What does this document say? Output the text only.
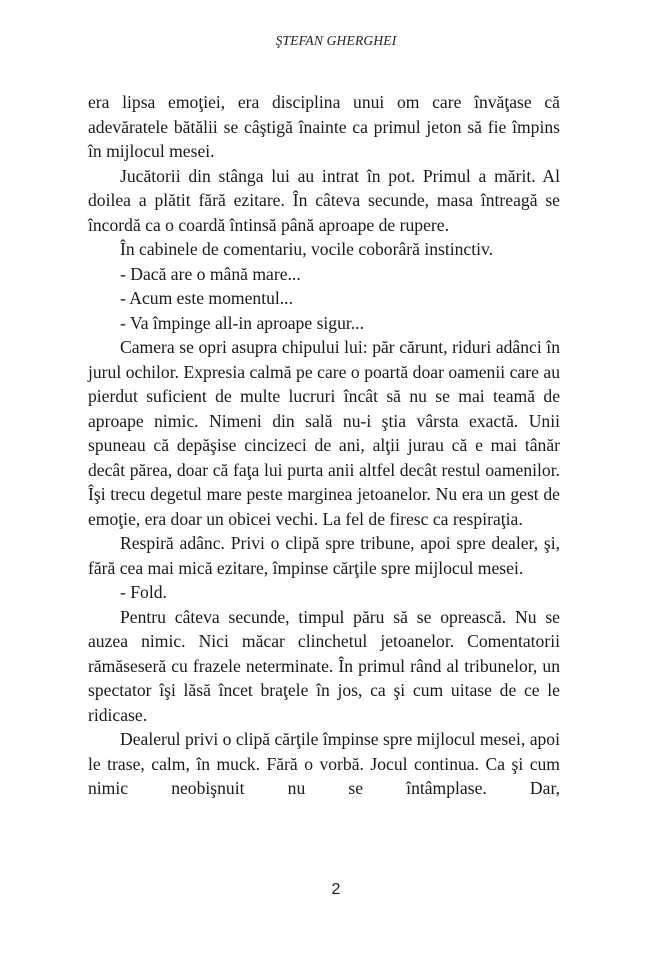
ŞTEFAN GHERGHEI

era lipsa emoţiei, era disciplina unui om care învăţase că adevăratele bătălii se câştigă înainte ca primul jeton să fie împins în mijlocul mesei.

Jucătorii din stânga lui au intrat în pot. Primul a mărit. Al doilea a plătit fără ezitare. În câteva secunde, masa întreagă se încordă ca o coardă întinsă până aproape de rupere.

În cabinele de comentariu, vocile coborâră instinctiv.

- Dacă are o mână mare...

- Acum este momentul...

- Va împinge all-in aproape sigur...

Camera se opri asupra chipului lui: păr cărunt, riduri adânci în jurul ochilor. Expresia calmă pe care o poartă doar oamenii care au pierdut suficient de multe lucruri încât să nu se mai teamă de aproape nimic. Nimeni din sală nu-i ştia vârsta exactă. Unii spuneau că depăşise cincizeci de ani, alţii jurau că e mai tânăr decât părea, doar că faţa lui purta anii altfel decât restul oamenilor. Îşi trecu degetul mare peste marginea jetoanelor. Nu era un gest de emoţie, era doar un obicei vechi. La fel de firesc ca respiraţia.

Respiră adânc. Privi o clipă spre tribune, apoi spre dealer, şi, fără cea mai mică ezitare, împinse cărţile spre mijlocul mesei.

- Fold.

Pentru câteva secunde, timpul păru să se oprească. Nu se auzea nimic. Nici măcar clinchetul jetoanelor. Comentatorii rămăseseră cu frazele neterminate. În primul rând al tribunelor, un spectator îşi lăsă încet braţele în jos, ca şi cum uitase de ce le ridicase.

Dealerul privi o clipă cărţile împinse spre mijlocul mesei, apoi le trase, calm, în muck. Fără o vorbă. Jocul continua. Ca şi cum nimic neobişnuit nu se întâmplase. Dar,

2
